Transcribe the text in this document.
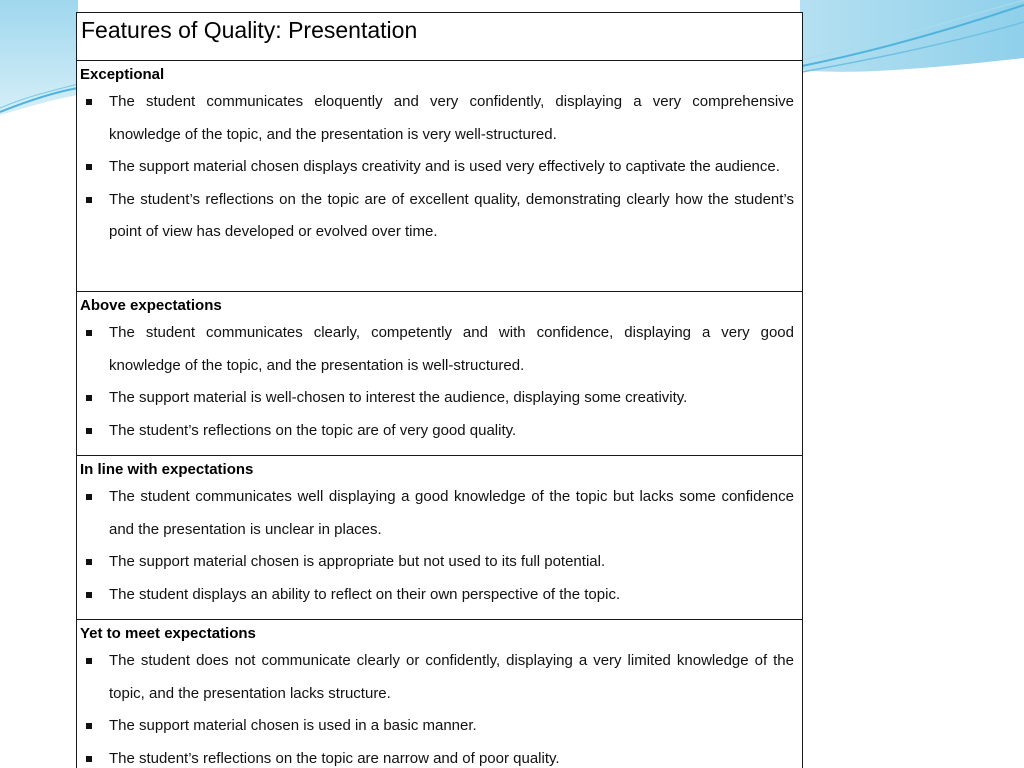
Features of Quality: Presentation
Exceptional
The student communicates eloquently and very confidently, displaying a very comprehensive knowledge of the topic, and the presentation is very well-structured.
The support material chosen displays creativity and is used very effectively to captivate the audience.
The student’s reflections on the topic are of excellent quality, demonstrating clearly how the student’s point of view has developed or evolved over time.
Above expectations
The student communicates clearly, competently and with confidence, displaying a very good knowledge of the topic, and the presentation is well-structured.
The support material is well-chosen to interest the audience, displaying some creativity.
The student’s reflections on the topic are of very good quality.
In line with expectations
The student communicates well displaying a good knowledge of the topic but lacks some confidence and the presentation is unclear in places.
The support material chosen is appropriate but not used to its full potential.
The student displays an ability to reflect on their own perspective of the topic.
Yet to meet expectations
The student does not communicate clearly or confidently, displaying a very limited knowledge of the topic, and the presentation lacks structure.
The support material chosen is used in a basic manner.
The student’s reflections on the topic are narrow and of poor quality.
